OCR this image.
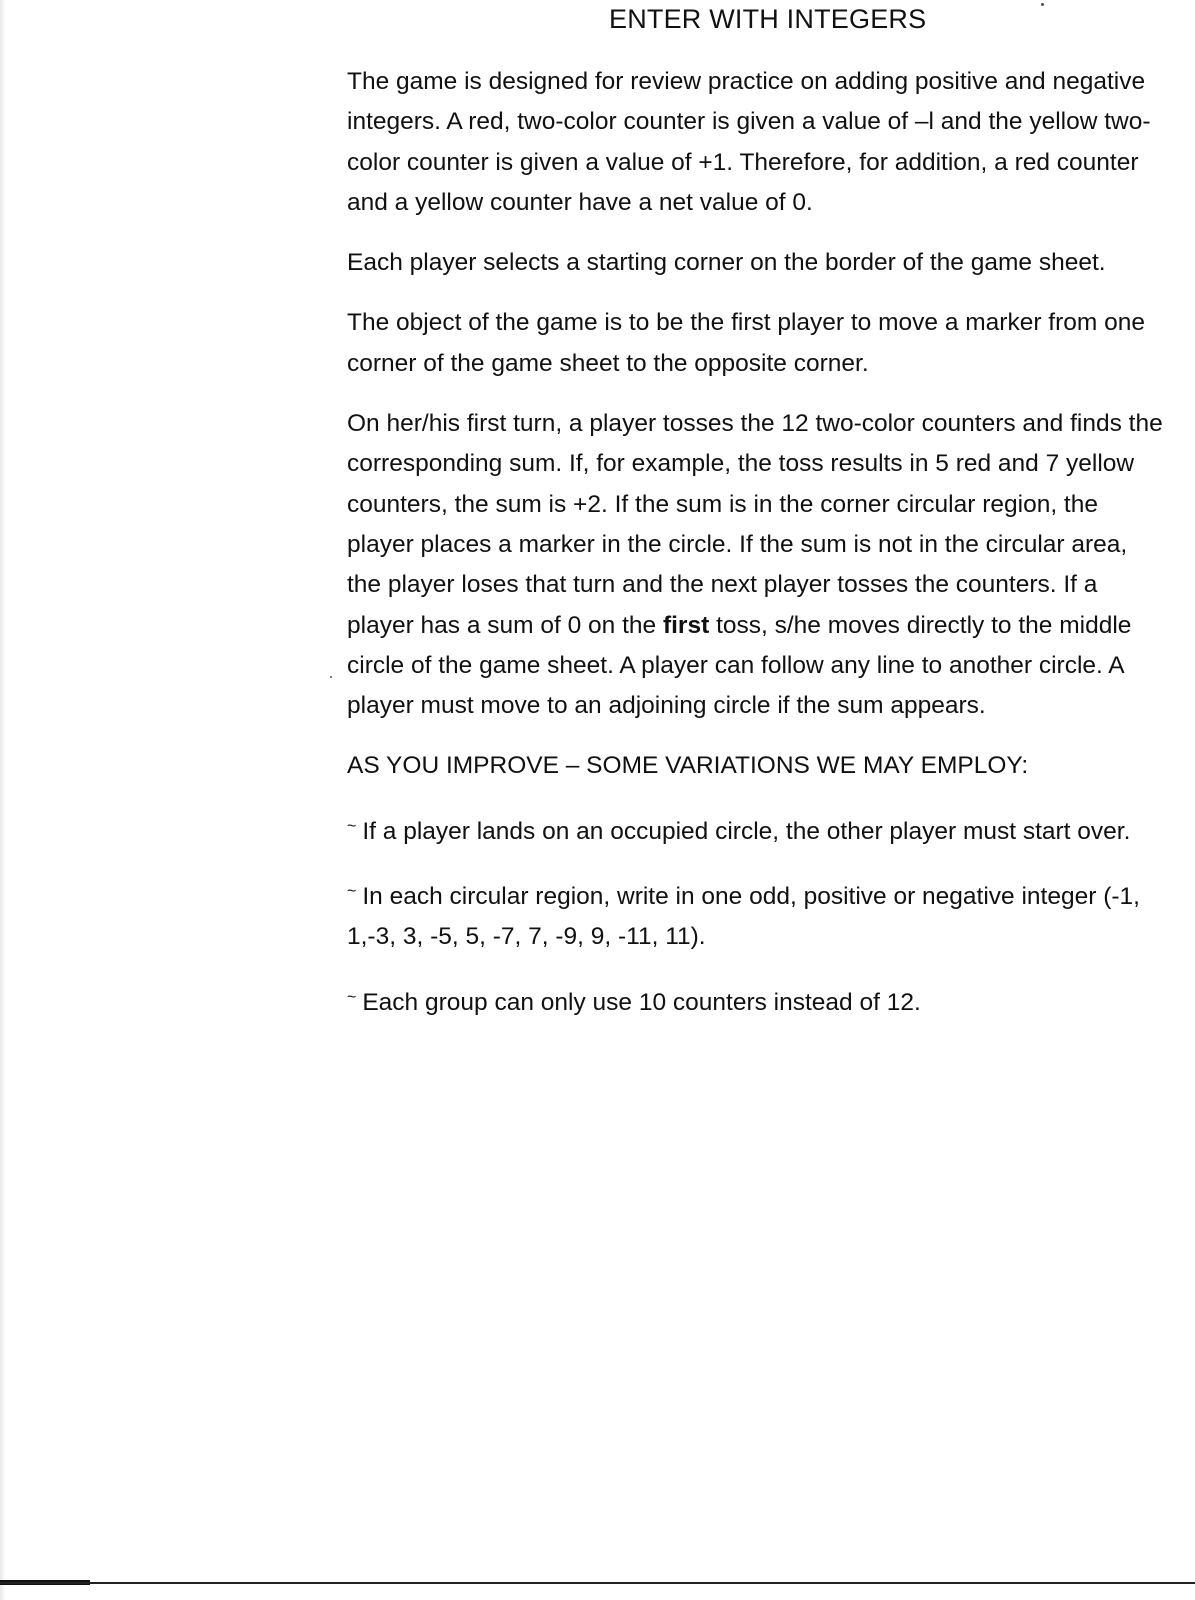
ENTER WITH INTEGERS

The game is designed for review practice on adding positive and negative integers. A red, two-color counter is given a value of –l and the yellow two-color counter is given a value of +1. Therefore, for addition, a red counter and a yellow counter have a net value of 0.

Each player selects a starting corner on the border of the game sheet.

The object of the game is to be the first player to move a marker from one corner of the game sheet to the opposite corner.

On her/his first turn, a player tosses the 12 two-color counters and finds the corresponding sum. If, for example, the toss results in 5 red and 7 yellow counters, the sum is +2. If the sum is in the corner circular region, the player places a marker in the circle. If the sum is not in the circular area, the player loses that turn and the next player tosses the counters. If a player has a sum of 0 on the first toss, s/he moves directly to the middle circle of the game sheet. A player can follow any line to another circle. A player must move to an adjoining circle if the sum appears.

AS YOU IMPROVE – SOME VARIATIONS WE MAY EMPLOY:

~ If a player lands on an occupied circle, the other player must start over.

~ In each circular region, write in one odd, positive or negative integer (-1, 1,-3, 3, -5, 5, -7, 7, -9, 9, -11, 11).

~ Each group can only use 10 counters instead of 12.
